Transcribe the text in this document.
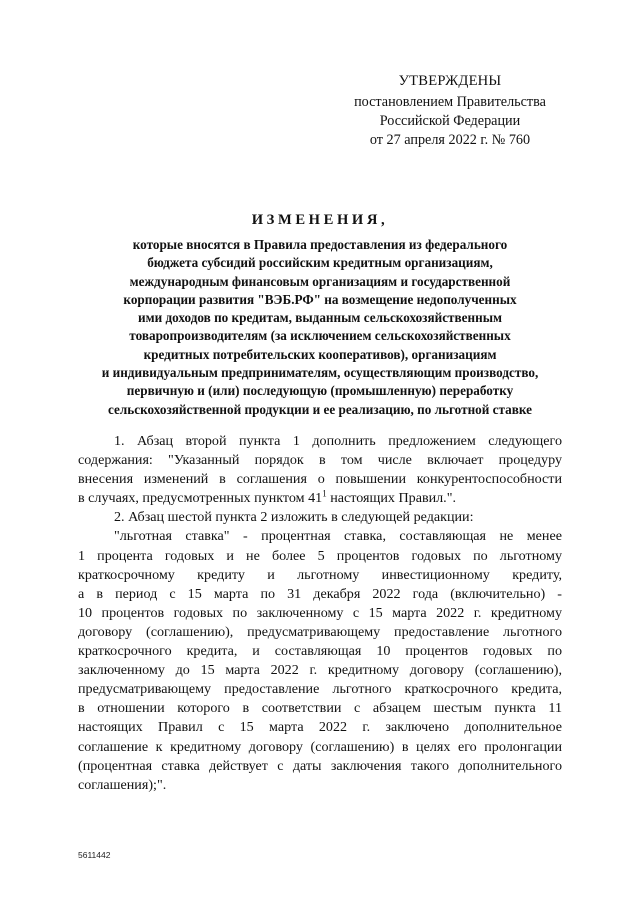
УТВЕРЖДЕНЫ
постановлением Правительства
Российской Федерации
от 27 апреля 2022 г. № 760
ИЗМЕНЕНИЯ,
которые вносятся в Правила предоставления из федерального
бюджета субсидий российским кредитным организациям,
международным финансовым организациям и государственной
корпорации развития "ВЭБ.РФ" на возмещение недополученных
ими доходов по кредитам, выданным сельскохозяйственным
товаропроизводителям (за исключением сельскохозяйственных
кредитных потребительских кооперативов), организациям
и индивидуальным предпринимателям, осуществляющим производство,
первичную и (или) последующую (промышленную) переработку
сельскохозяйственной продукции и ее реализацию, по льготной ставке
1. Абзац второй пункта 1 дополнить предложением следующего
содержания: "Указанный порядок в том числе включает процедуру
внесения изменений в соглашения о повышении конкурентоспособности
в случаях, предусмотренных пунктом $41^1$ настоящих Правил.".
2. Абзац шестой пункта 2 изложить в следующей редакции:
"льготная ставка" - процентная ставка, составляющая не менее
1 процента годовых и не более 5 процентов годовых по льготному
краткосрочному кредиту и льготному инвестиционному кредиту,
а в период с 15 марта по 31 декабря 2022 года (включительно) -
10 процентов годовых по заключенному с 15 марта 2022 г. кредитному
договору (соглашению), предусматривающему предоставление льготного
краткосрочного кредита, и составляющая 10 процентов годовых по
заключенному до 15 марта 2022 г. кредитному договору (соглашению),
предусматривающему предоставление льготного краткосрочного кредита,
в отношении которого в соответствии с абзацем шестым пункта 11
настоящих Правил с 15 марта 2022 г. заключено дополнительное
соглашение к кредитному договору (соглашению) в целях его пролонгации
(процентная ставка действует с даты заключения такого дополнительного
соглашения);".
5611442
